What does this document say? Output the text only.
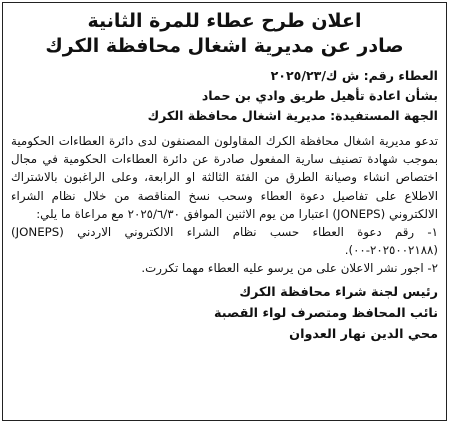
اعلان طرح عطاء للمرة الثانية

صادر عن مديرية اشغال محافظة الكرك

العطاء رقم: ش ك/٢٠٢٥/٢٣
بشأن اعادة تأهيل طريق وادي بن حماد
الجهة المستفيدة: مديرية اشغال محافظة الكرك

تدعو مديرية اشغال محافظة الكرك المقاولون المصنفون لدى دائرة العطاءات الحكومية بموجب شهادة تصنيف سارية المفعول صادرة عن دائرة العطاءات الحكومية في مجال اختصاص انشاء وصيانة الطرق من الفئة الثالثة او الرابعة، وعلى الراغبون بالاشتراك الاطلاع على تفاصيل دعوة العطاء وسحب نسخ المناقصة من خلال نظام الشراء الالكتروني (JONEPS) اعتبارا من يوم الاثنين الموافق ٢٠٢٥/٦/٣٠ مع مراعاة ما يلي:

١- رقم دعوة العطاء حسب نظام الشراء الالكتروني الاردني (JONEPS) (٢٠٢٥٠٠٢١٨٨-٠٠).

٢- اجور نشر الاعلان على من يرسو عليه العطاء مهما تكررت.

رئيس لجنة شراء محافظة الكرك
نائب المحافظ ومتصرف لواء القصبة
محي الدين نهار العدوان
